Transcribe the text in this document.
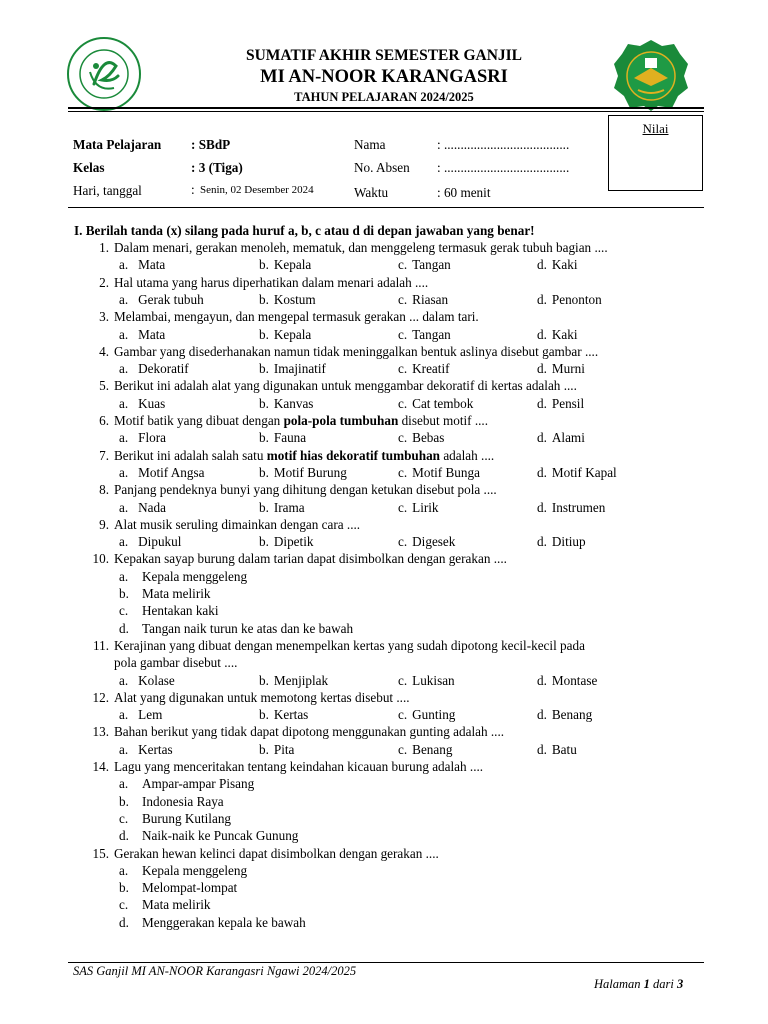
SUMATIF AKHIR SEMESTER GANJIL
MI AN-NOOR KARANGASRI
TAHUN PELAJARAN 2024/2025
Mata Pelajaran : SBdP
Kelas	: 3 (Tiga)
Hari, tanggal	: Senin, 02 Desember 2024
Nama	: ......................................
No. Absen : ......................................
Waktu	: 60 menit
Nilai
I. Berilah tanda (x) silang pada huruf a, b, c atau d di depan jawaban yang benar!
1. Dalam menari, gerakan menoleh, mematuk, dan menggeleng termasuk gerak tubuh bagian ....
a. Mata	b. Kepala	c. Tangan	d. Kaki
2. Hal utama yang harus diperhatikan dalam menari adalah ....
a. Gerak tubuh	b. Kostum	c. Riasan	d. Penonton
3. Melambai, mengayun, dan mengepal termasuk gerakan ... dalam tari.
a. Mata	b. Kepala	c. Tangan	d. Kaki
4. Gambar yang disederhanakan namun tidak meninggalkan bentuk aslinya disebut gambar ....
a. Dekoratif	b. Imajinatif	c. Kreatif	d. Murni
5. Berikut ini adalah alat yang digunakan untuk menggambar dekoratif di kertas adalah ....
a. Kuas	b. Kanvas	c. Cat tembok	d. Pensil
6. Motif batik yang dibuat dengan pola-pola tumbuhan disebut motif ....
a. Flora	b. Fauna	c. Bebas	d. Alami
7. Berikut ini adalah salah satu motif hias dekoratif tumbuhan adalah ....
a. Motif Angsa	b. Motif Burung	c. Motif Bunga	d. Motif Kapal
8. Panjang pendeknya bunyi yang dihitung dengan ketukan disebut pola ....
a. Nada	b. Irama	c. Lirik	d. Instrumen
9. Alat musik seruling dimainkan dengan cara ....
a. Dipukul	b. Dipetik	c. Digesek	d. Ditiup
10. Kepakan sayap burung dalam tarian dapat disimbolkan dengan gerakan ....
a. Kepala menggeleng
b. Mata melirik
c. Hentakan kaki
d. Tangan naik turun ke atas dan ke bawah
11. Kerajinan yang dibuat dengan menempelkan kertas yang sudah dipotong kecil-kecil pada
pola gambar disebut ....
a. Kolase	b. Menjiplak	c. Lukisan	d. Montase
12. Alat yang digunakan untuk memotong kertas disebut ....
a. Lem	b. Kertas	c. Gunting	d. Benang
13. Bahan berikut yang tidak dapat dipotong menggunakan gunting adalah ....
a. Kertas	b. Pita	c. Benang	d. Batu
14. Lagu yang menceritakan tentang keindahan kicauan burung adalah ....
a. Ampar-ampar Pisang
b. Indonesia Raya
c. Burung Kutilang
d. Naik-naik ke Puncak Gunung
15. Gerakan hewan kelinci dapat disimbolkan dengan gerakan ....
a. Kepala menggeleng
b. Melompat-lompat
c. Mata melirik
d. Menggerakan kepala ke bawah
SAS Ganjil MI AN-NOOR Karangasri Ngawi 2024/2025
Halaman 1 dari 3
